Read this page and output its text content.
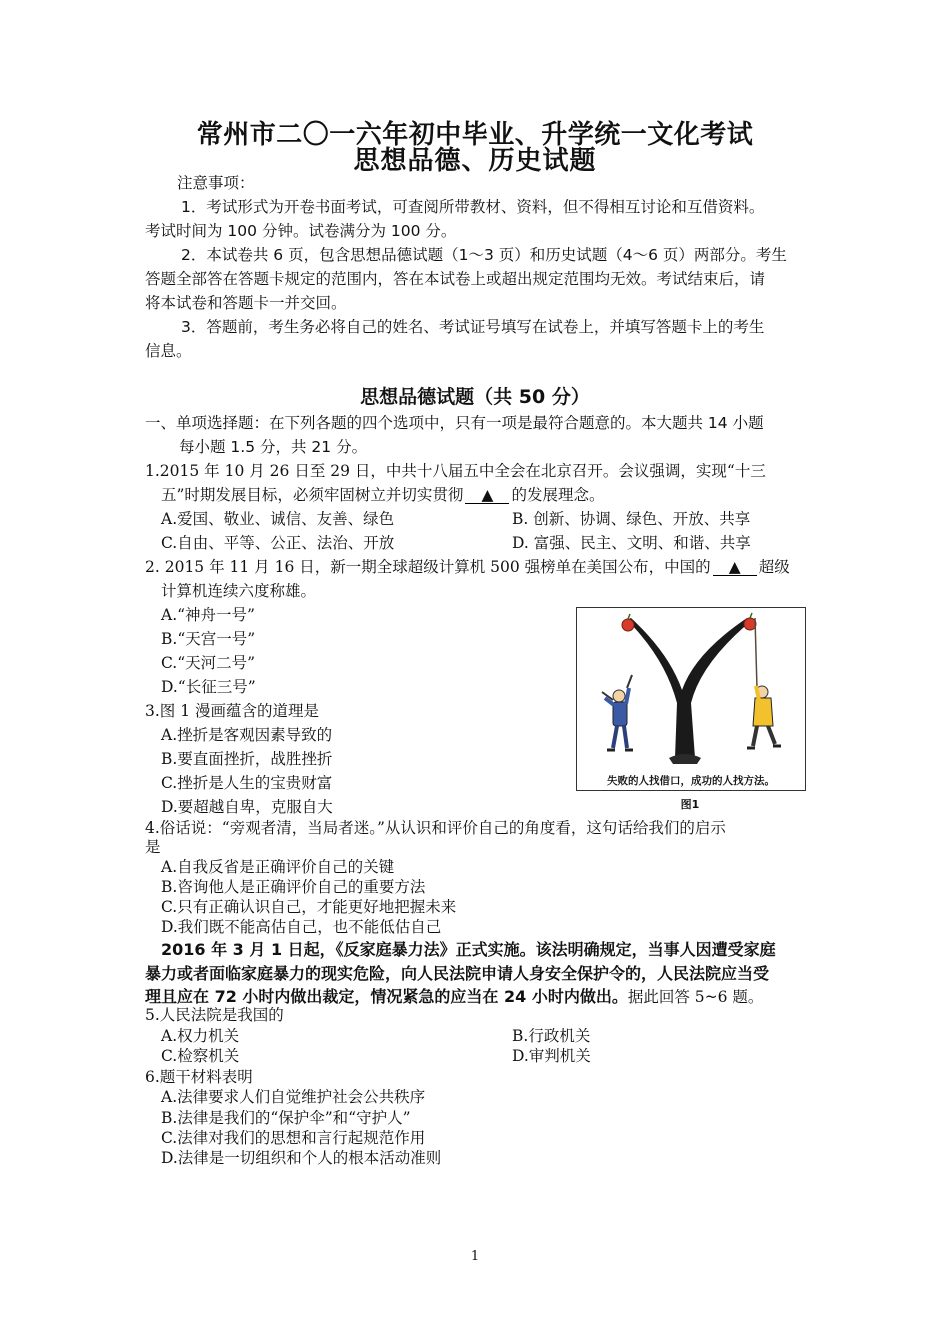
常州市二〇一六年初中毕业、升学统一文化考试
思想品德、历史试题
注意事项：
1．考试形式为开卷书面考试，可查阅所带教材、资料，但不得相互讨论和互借资料。
考试时间为 100 分钟。试卷满分为 100 分。
2．本试卷共 6 页，包含思想品德试题（1～3 页）和历史试题（4～6 页）两部分。考生
答题全部答在答题卡规定的范围内，答在本试卷上或超出规定范围均无效。考试结束后，请
将本试卷和答题卡一并交回。
3．答题前，考生务必将自己的姓名、考试证号填写在试卷上，并填写答题卡上的考生
信息。
思想品德试题（共 50 分）
一、单项选择题：在下列各题的四个选项中，只有一项是最符合题意的。本大题共 14 小题
每小题 1.5 分，共 21 分。
1.2015 年 10 月 26 日至 29 日，中共十八届五中全会在北京召开。会议强调，实现“十三
五”时期发展目标，必须牢固树立并切实贯彻 ▲ 的发展理念。
A.爱国、敬业、诚信、友善、绿色	B. 创新、协调、绿色、开放、共享
C.自由、平等、公正、法治、开放	D. 富强、民主、文明、和谐、共享
2. 2015 年 11 月 16 日，新一期全球超级计算机 500 强榜单在美国公布，中国的 ▲ 超级
计算机连续六度称雄。
A.“神舟一号”
B.“天宫一号”
C.“天河二号”
D.“长征三号”
3.图 1 漫画蕴含的道理是
A.挫折是客观因素导致的
B.要直面挫折，战胜挫折
C.挫折是人生的宝贵财富
D.要超越自卑，克服自大
失败的人找借口，成功的人找方法。
图1
4.俗话说：“旁观者清，当局者迷。”从认识和评价自己的角度看，这句话给我们的启示
是
A.自我反省是正确评价自己的关键
B.咨询他人是正确评价自己的重要方法
C.只有正确认识自己，才能更好地把握未来
D.我们既不能高估自己，也不能低估自己
2016 年 3 月 1 日起，《反家庭暴力法》正式实施。该法明确规定，当事人因遭受家庭
暴力或者面临家庭暴力的现实危险，向人民法院申请人身安全保护令的，人民法院应当受
理且应在 72 小时内做出裁定，情况紧急的应当在 24 小时内做出。据此回答 5~6 题。
5.人民法院是我国的
A.权力机关	B.行政机关
C.检察机关	D.审判机关
6.题干材料表明
A.法律要求人们自觉维护社会公共秩序
B.法律是我们的“保护伞”和“守护人”
C.法律对我们的思想和言行起规范作用
D.法律是一切组织和个人的根本活动准则
1
